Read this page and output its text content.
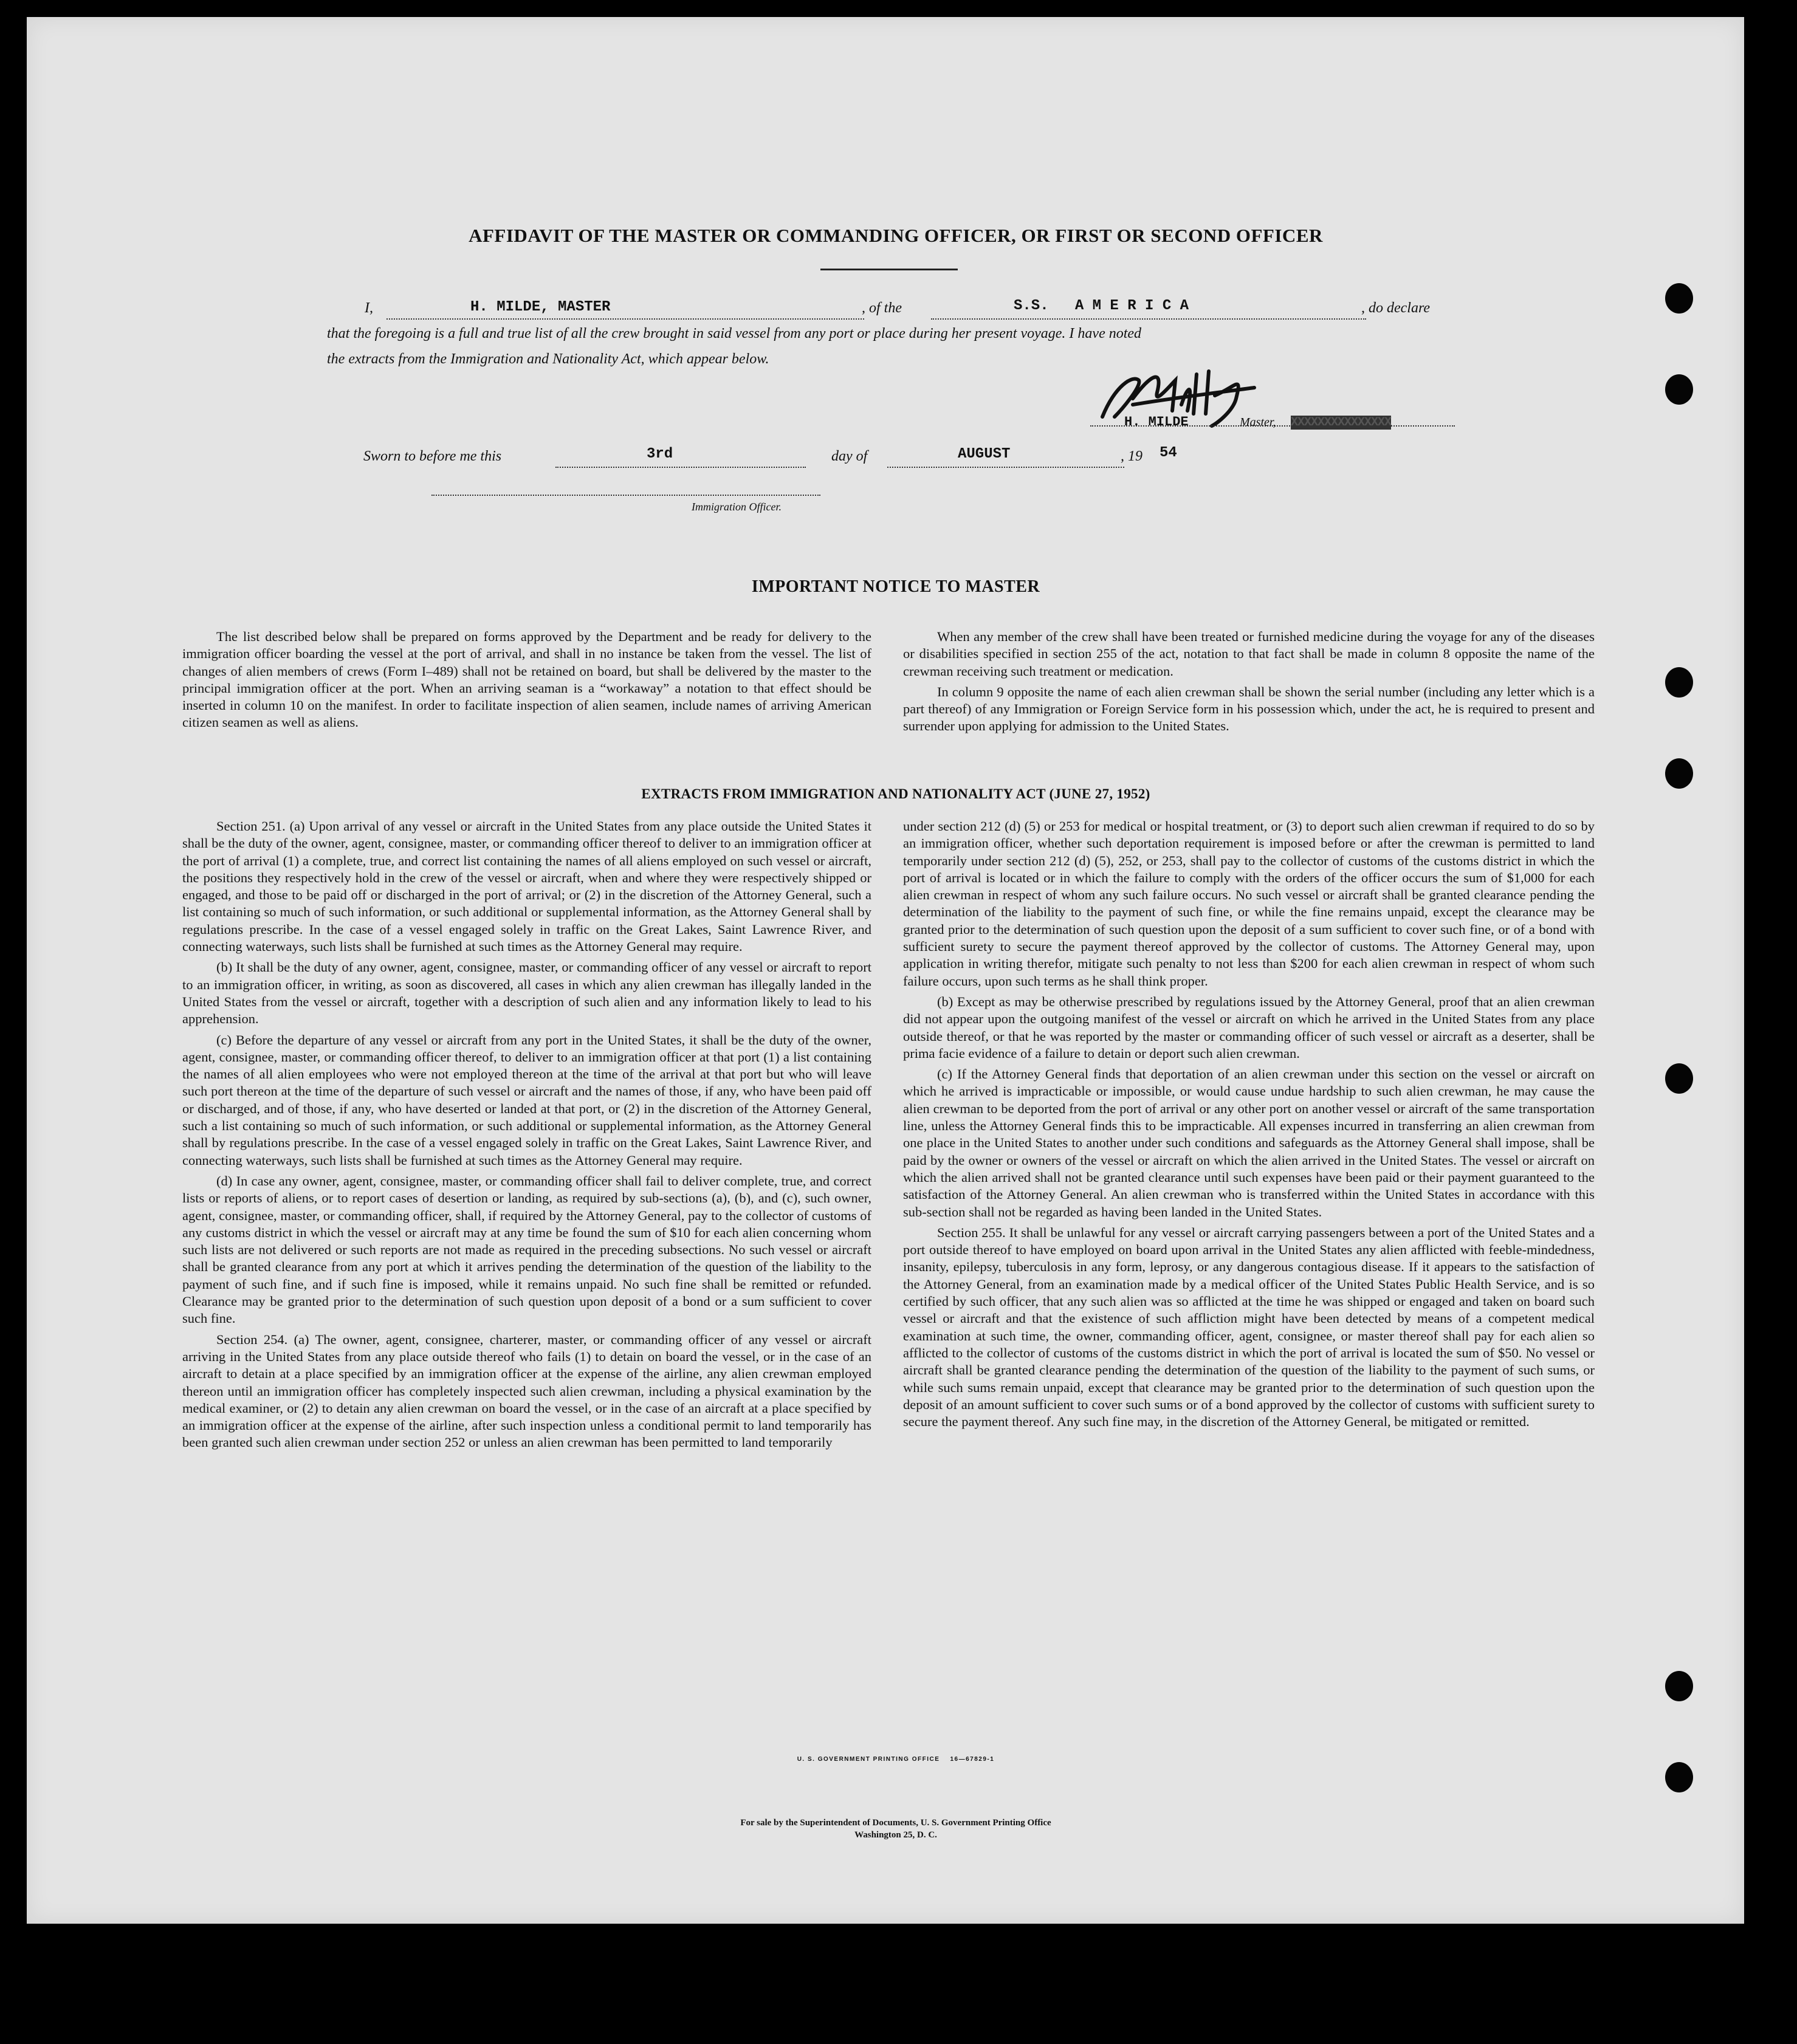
AFFIDAVIT OF THE MASTER OR COMMANDING OFFICER, OR FIRST OR SECOND OFFICER
I,	H. MILDE, MASTER	, of the	S.S.   A M E R I C A	, do declare
that the foregoing is a full and true list of all the crew brought in said vessel from any port or place during her present voyage. I have noted
the extracts from the Immigration and Nationality Act, which appear below.
H. MILDE	Master, XXXXXXXXXXXXXXX
Sworn to before me this	3rd	day of	AUGUST	, 19 54
Immigration Officer.
IMPORTANT NOTICE TO MASTER

The list described below shall be prepared on forms approved by the Department and be ready for delivery to the immigration officer boarding the vessel at the port of arrival, and shall in no instance be taken from the vessel. The list of changes of alien members of crews (Form I–489) shall not be retained on board, but shall be delivered by the master to the principal immigration officer at the port. When an arriving seaman is a “workaway” a notation to that effect should be inserted in column 10 on the manifest. In order to facilitate inspection of alien seamen, include names of arriving American citizen seamen as well as aliens.

When any member of the crew shall have been treated or furnished medicine during the voyage for any of the diseases or disabilities specified in section 255 of the act, notation to that fact shall be made in column 8 opposite the name of the crewman receiving such treatment or medication.

In column 9 opposite the name of each alien crewman shall be shown the serial number (including any letter which is a part thereof) of any Immigration or Foreign Service form in his possession which, under the act, he is required to present and surrender upon applying for admission to the United States.

EXTRACTS FROM IMMIGRATION AND NATIONALITY ACT (JUNE 27, 1952)

Section 251. (a) Upon arrival of any vessel or aircraft in the United States from any place outside the United States it shall be the duty of the owner, agent, consignee, master, or commanding officer thereof to deliver to an immigration officer at the port of arrival (1) a complete, true, and correct list containing the names of all aliens employed on such vessel or aircraft, the positions they respectively hold in the crew of the vessel or aircraft, when and where they were respectively shipped or engaged, and those to be paid off or discharged in the port of arrival; or (2) in the discretion of the Attorney General, such a list containing so much of such information, or such additional or supplemental information, as the Attorney General shall by regulations prescribe. In the case of a vessel engaged solely in traffic on the Great Lakes, Saint Lawrence River, and connecting waterways, such lists shall be furnished at such times as the Attorney General may require.

(b) It shall be the duty of any owner, agent, consignee, master, or commanding officer of any vessel or aircraft to report to an immigration officer, in writing, as soon as discovered, all cases in which any alien crewman has illegally landed in the United States from the vessel or aircraft, together with a description of such alien and any information likely to lead to his apprehension.

(c) Before the departure of any vessel or aircraft from any port in the United States, it shall be the duty of the owner, agent, consignee, master, or commanding officer thereof, to deliver to an immigration officer at that port (1) a list containing the names of all alien employees who were not employed thereon at the time of the arrival at that port but who will leave such port thereon at the time of the departure of such vessel or aircraft and the names of those, if any, who have been paid off or discharged, and of those, if any, who have deserted or landed at that port, or (2) in the discretion of the Attorney General, such a list containing so much of such information, or such additional or supplemental information, as the Attorney General shall by regulations prescribe. In the case of a vessel engaged solely in traffic on the Great Lakes, Saint Lawrence River, and connecting waterways, such lists shall be furnished at such times as the Attorney General may require.

(d) In case any owner, agent, consignee, master, or commanding officer shall fail to deliver complete, true, and correct lists or reports of aliens, or to report cases of desertion or landing, as required by sub-sections (a), (b), and (c), such owner, agent, consignee, master, or commanding officer, shall, if required by the Attorney General, pay to the collector of customs of any customs district in which the vessel or aircraft may at any time be found the sum of $10 for each alien concerning whom such lists are not delivered or such reports are not made as required in the preceding subsections. No such vessel or aircraft shall be granted clearance from any port at which it arrives pending the determination of the question of the liability to the payment of such fine, and if such fine is imposed, while it remains unpaid. No such fine shall be remitted or refunded. Clearance may be granted prior to the determination of such question upon deposit of a bond or a sum sufficient to cover such fine.

Section 254. (a) The owner, agent, consignee, charterer, master, or commanding officer of any vessel or aircraft arriving in the United States from any place outside thereof who fails (1) to detain on board the vessel, or in the case of an aircraft to detain at a place specified by an immigration officer at the expense of the airline, any alien crewman employed thereon until an immigration officer has completely inspected such alien crewman, including a physical examination by the medical examiner, or (2) to detain any alien crewman on board the vessel, or in the case of an aircraft at a place specified by an immigration officer at the expense of the airline, after such inspection unless a conditional permit to land temporarily has been granted such alien crewman under section 252 or unless an alien crewman has been permitted to land temporarily

under section 212 (d) (5) or 253 for medical or hospital treatment, or (3) to deport such alien crewman if required to do so by an immigration officer, whether such deportation requirement is imposed before or after the crewman is permitted to land temporarily under section 212 (d) (5), 252, or 253, shall pay to the collector of customs of the customs district in which the port of arrival is located or in which the failure to comply with the orders of the officer occurs the sum of $1,000 for each alien crewman in respect of whom any such failure occurs. No such vessel or aircraft shall be granted clearance pending the determination of the liability to the payment of such fine, or while the fine remains unpaid, except the clearance may be granted prior to the determination of such question upon the deposit of a sum sufficient to cover such fine, or of a bond with sufficient surety to secure the payment thereof approved by the collector of customs. The Attorney General may, upon application in writing therefor, mitigate such penalty to not less than $200 for each alien crewman in respect of whom such failure occurs, upon such terms as he shall think proper.

(b) Except as may be otherwise prescribed by regulations issued by the Attorney General, proof that an alien crewman did not appear upon the outgoing manifest of the vessel or aircraft on which he arrived in the United States from any place outside thereof, or that he was reported by the master or commanding officer of such vessel or aircraft as a deserter, shall be prima facie evidence of a failure to detain or deport such alien crewman.

(c) If the Attorney General finds that deportation of an alien crewman under this section on the vessel or aircraft on which he arrived is impracticable or impossible, or would cause undue hardship to such alien crewman, he may cause the alien crewman to be deported from the port of arrival or any other port on another vessel or aircraft of the same transportation line, unless the Attorney General finds this to be impracticable. All expenses incurred in transferring an alien crewman from one place in the United States to another under such conditions and safeguards as the Attorney General shall impose, shall be paid by the owner or owners of the vessel or aircraft on which the alien arrived in the United States. The vessel or aircraft on which the alien arrived shall not be granted clearance until such expenses have been paid or their payment guaranteed to the satisfaction of the Attorney General. An alien crewman who is transferred within the United States in accordance with this sub-section shall not be regarded as having been landed in the United States.

Section 255. It shall be unlawful for any vessel or aircraft carrying passengers between a port of the United States and a port outside thereof to have employed on board upon arrival in the United States any alien afflicted with feeble-mindedness, insanity, epilepsy, tuberculosis in any form, leprosy, or any dangerous contagious disease. If it appears to the satisfaction of the Attorney General, from an examination made by a medical officer of the United States Public Health Service, and is so certified by such officer, that any such alien was so afflicted at the time he was shipped or engaged and taken on board such vessel or aircraft and that the existence of such affliction might have been detected by means of a competent medical examination at such time, the owner, commanding officer, agent, consignee, or master thereof shall pay for each alien so afflicted to the collector of customs of the customs district in which the port of arrival is located the sum of $50. No vessel or aircraft shall be granted clearance pending the determination of the question of the liability to the payment of such sums, or while such sums remain unpaid, except that clearance may be granted prior to the determination of such question upon the deposit of an amount sufficient to cover such sums or of a bond approved by the collector of customs with sufficient surety to secure the payment thereof. Any such fine may, in the discretion of the Attorney General, be mitigated or remitted.

U. S. GOVERNMENT PRINTING OFFICE    16—67829-1
For sale by the Superintendent of Documents, U. S. Government Printing Office
Washington 25, D. C.
